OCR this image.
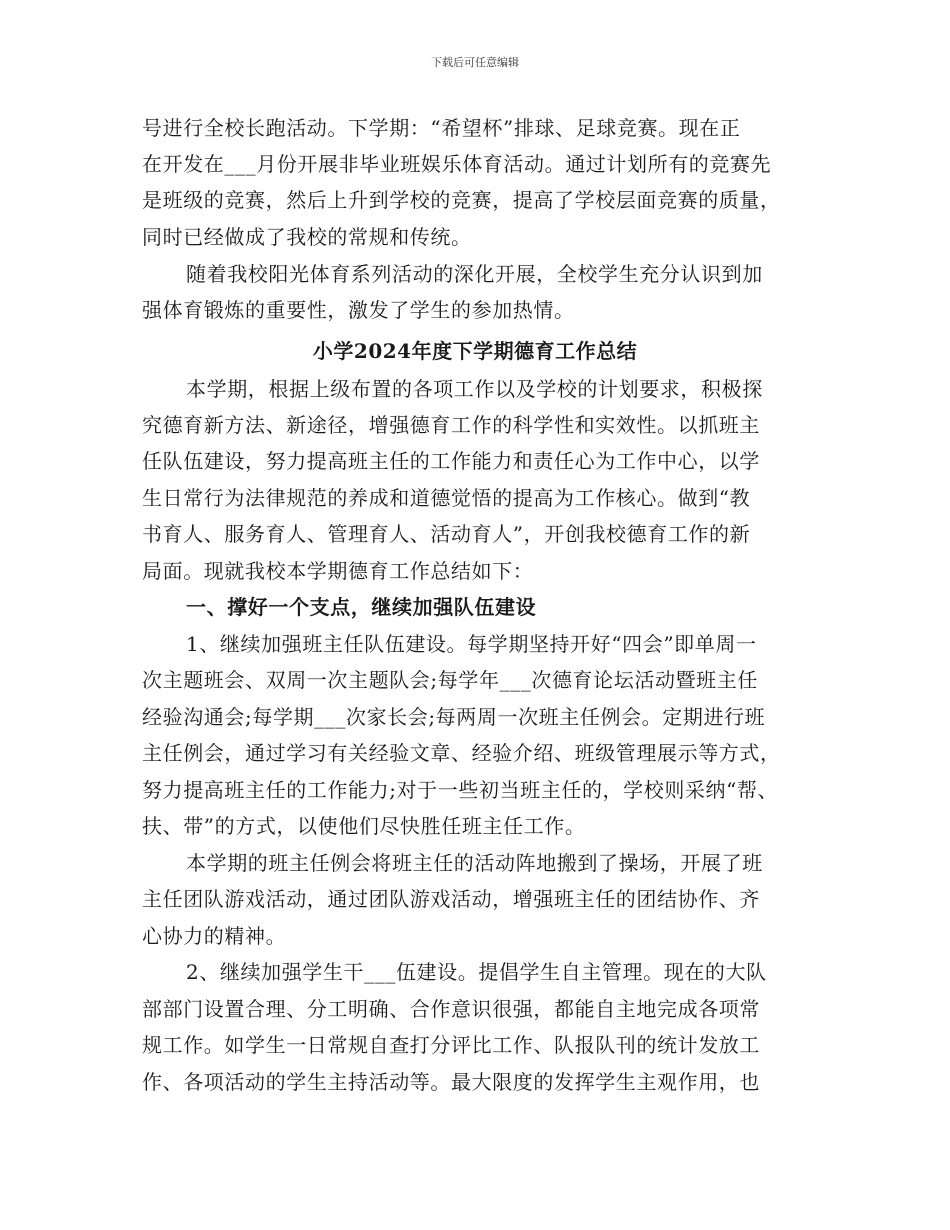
下载后可任意编辑
号进行全校长跑活动。下学期：“希望杯”排球、足球竞赛。现在正
在开发在___月份开展非毕业班娱乐体育活动。通过计划所有的竞赛先
是班级的竞赛，然后上升到学校的竞赛，提高了学校层面竞赛的质量，
同时已经做成了我校的常规和传统。
随着我校阳光体育系列活动的深化开展，全校学生充分认识到加
强体育锻炼的重要性，激发了学生的参加热情。
小学2024年度下学期德育工作总结
本学期，根据上级布置的各项工作以及学校的计划要求，积极探
究德育新方法、新途径，增强德育工作的科学性和实效性。以抓班主
任队伍建设，努力提高班主任的工作能力和责任心为工作中心，以学
生日常行为法律规范的养成和道德觉悟的提高为工作核心。做到“教
书育人、服务育人、管理育人、活动育人”，开创我校德育工作的新
局面。现就我校本学期德育工作总结如下：
一、撑好一个支点，继续加强队伍建设
1、继续加强班主任队伍建设。每学期坚持开好“四会”即单周一
次主题班会、双周一次主题队会;每学年___次德育论坛活动暨班主任
经验沟通会;每学期___次家长会;每两周一次班主任例会。定期进行班
主任例会，通过学习有关经验文章、经验介绍、班级管理展示等方式，
努力提高班主任的工作能力;对于一些初当班主任的，学校则采纳“帮、
扶、带”的方式，以使他们尽快胜任班主任工作。
本学期的班主任例会将班主任的活动阵地搬到了操场，开展了班
主任团队游戏活动，通过团队游戏活动，增强班主任的团结协作、齐
心协力的精神。
2、继续加强学生干___伍建设。提倡学生自主管理。现在的大队
部部门设置合理、分工明确、合作意识很强，都能自主地完成各项常
规工作。如学生一日常规自查打分评比工作、队报队刊的统计发放工
作、各项活动的学生主持活动等。最大限度的发挥学生主观作用，也
